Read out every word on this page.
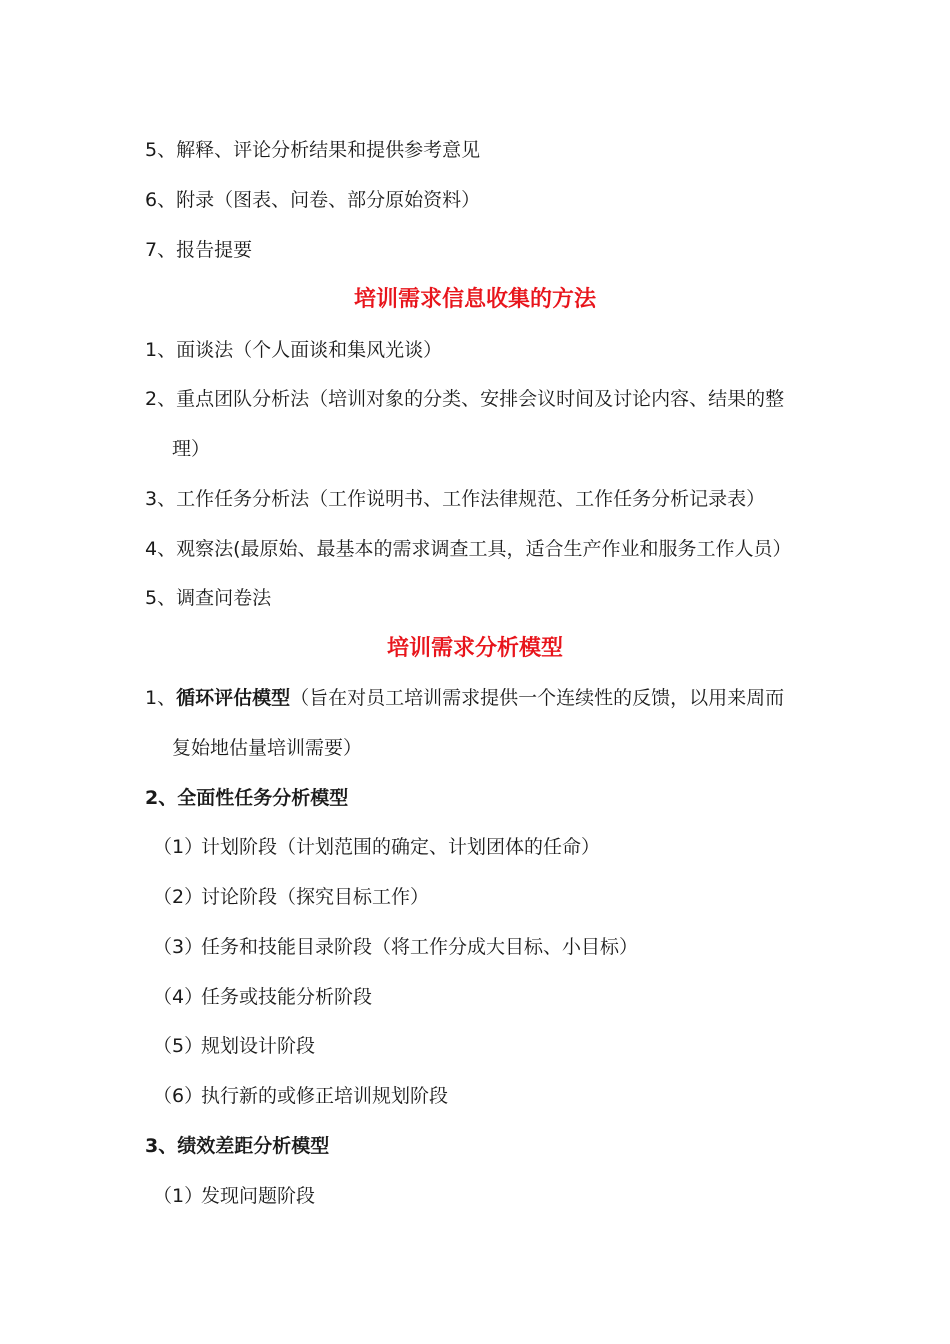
5、解释、评论分析结果和提供参考意见
6、附录（图表、问卷、部分原始资料）
7、报告提要
培训需求信息收集的方法
1、面谈法（个人面谈和集风光谈）
2、重点团队分析法（培训对象的分类、安排会议时间及讨论内容、结果的整
理）
3、工作任务分析法（工作说明书、工作法律规范、工作任务分析记录表）
4、观察法(最原始、最基本的需求调查工具，适合生产作业和服务工作人员）
5、调查问卷法
培训需求分析模型
1、循环评估模型（旨在对员工培训需求提供一个连续性的反馈，以用来周而
复始地估量培训需要）
2、全面性任务分析模型
（1）计划阶段（计划范围的确定、计划团体的任命）
（2）讨论阶段（探究目标工作）
（3）任务和技能目录阶段（将工作分成大目标、小目标）
（4）任务或技能分析阶段
（5）规划设计阶段
（6）执行新的或修正培训规划阶段
3、绩效差距分析模型
（1）发现问题阶段
